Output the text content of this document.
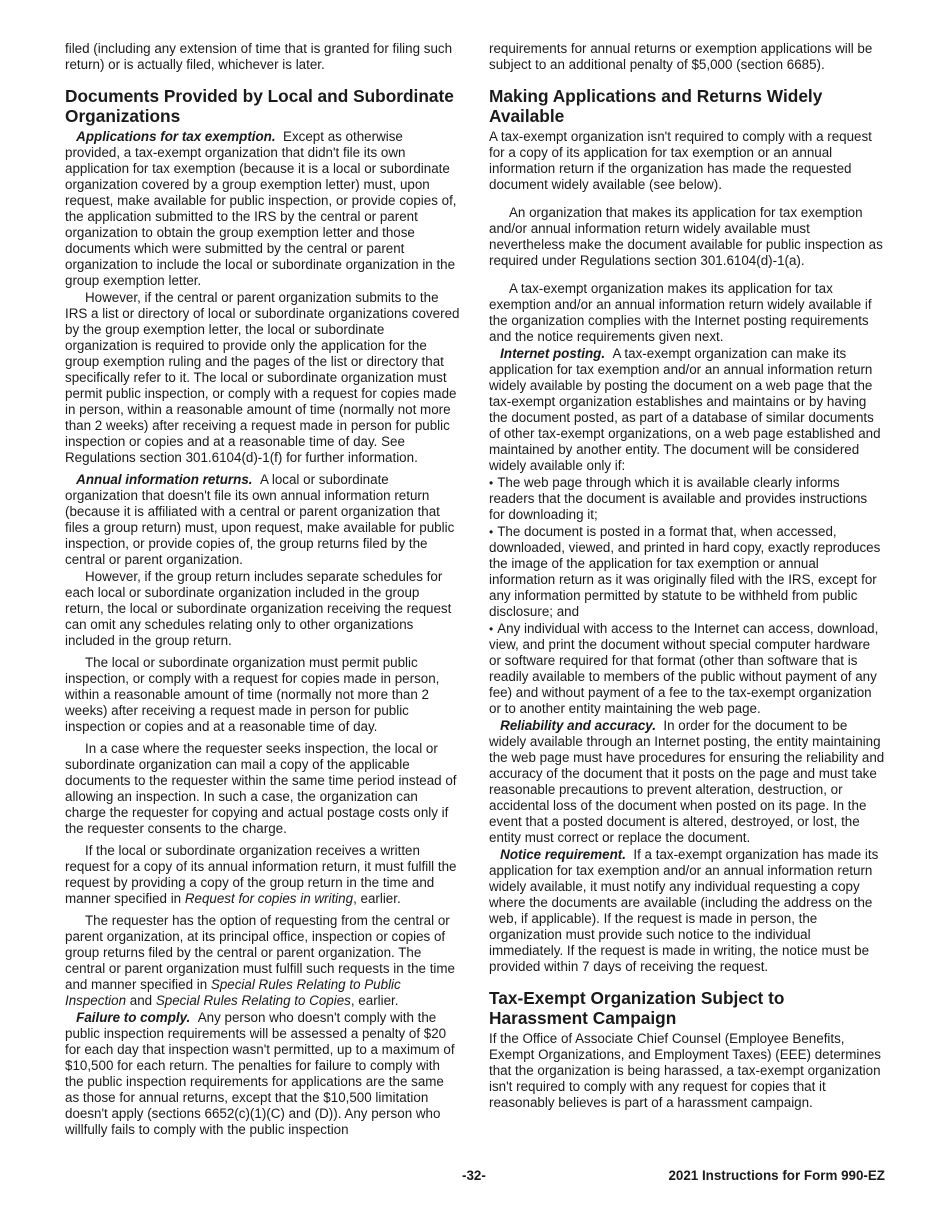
filed (including any extension of time that is granted for filing such return) or is actually filed, whichever is later.

Documents Provided by Local and Subordinate Organizations

Applications for tax exemption. Except as otherwise provided, a tax-exempt organization that didn't file its own application for tax exemption (because it is a local or subordinate organization covered by a group exemption letter) must, upon request, make available for public inspection, or provide copies of, the application submitted to the IRS by the central or parent organization to obtain the group exemption letter and those documents which were submitted by the central or parent organization to include the local or subordinate organization in the group exemption letter.

However, if the central or parent organization submits to the IRS a list or directory of local or subordinate organizations covered by the group exemption letter, the local or subordinate organization is required to provide only the application for the group exemption ruling and the pages of the list or directory that specifically refer to it. The local or subordinate organization must permit public inspection, or comply with a request for copies made in person, within a reasonable amount of time (normally not more than 2 weeks) after receiving a request made in person for public inspection or copies and at a reasonable time of day. See Regulations section 301.6104(d)-1(f) for further information.

Annual information returns. A local or subordinate organization that doesn't file its own annual information return (because it is affiliated with a central or parent organization that files a group return) must, upon request, make available for public inspection, or provide copies of, the group returns filed by the central or parent organization.

However, if the group return includes separate schedules for each local or subordinate organization included in the group return, the local or subordinate organization receiving the request can omit any schedules relating only to other organizations included in the group return.

The local or subordinate organization must permit public inspection, or comply with a request for copies made in person, within a reasonable amount of time (normally not more than 2 weeks) after receiving a request made in person for public inspection or copies and at a reasonable time of day.

In a case where the requester seeks inspection, the local or subordinate organization can mail a copy of the applicable documents to the requester within the same time period instead of allowing an inspection. In such a case, the organization can charge the requester for copying and actual postage costs only if the requester consents to the charge.

If the local or subordinate organization receives a written request for a copy of its annual information return, it must fulfill the request by providing a copy of the group return in the time and manner specified in Request for copies in writing, earlier.

The requester has the option of requesting from the central or parent organization, at its principal office, inspection or copies of group returns filed by the central or parent organization. The central or parent organization must fulfill such requests in the time and manner specified in Special Rules Relating to Public Inspection and Special Rules Relating to Copies, earlier.

Failure to comply. Any person who doesn't comply with the public inspection requirements will be assessed a penalty of $20 for each day that inspection wasn't permitted, up to a maximum of $10,500 for each return. The penalties for failure to comply with the public inspection requirements for applications are the same as those for annual returns, except that the $10,500 limitation doesn't apply (sections 6652(c)(1)(C) and (D)). Any person who willfully fails to comply with the public inspection

requirements for annual returns or exemption applications will be subject to an additional penalty of $5,000 (section 6685).

Making Applications and Returns Widely Available

A tax-exempt organization isn't required to comply with a request for a copy of its application for tax exemption or an annual information return if the organization has made the requested document widely available (see below).

An organization that makes its application for tax exemption and/or annual information return widely available must nevertheless make the document available for public inspection as required under Regulations section 301.6104(d)-1(a).

A tax-exempt organization makes its application for tax exemption and/or an annual information return widely available if the organization complies with the Internet posting requirements and the notice requirements given next.

Internet posting. A tax-exempt organization can make its application for tax exemption and/or an annual information return widely available by posting the document on a web page that the tax-exempt organization establishes and maintains or by having the document posted, as part of a database of similar documents of other tax-exempt organizations, on a web page established and maintained by another entity. The document will be considered widely available only if:

• The web page through which it is available clearly informs readers that the document is available and provides instructions for downloading it;

• The document is posted in a format that, when accessed, downloaded, viewed, and printed in hard copy, exactly reproduces the image of the application for tax exemption or annual information return as it was originally filed with the IRS, except for any information permitted by statute to be withheld from public disclosure; and

• Any individual with access to the Internet can access, download, view, and print the document without special computer hardware or software required for that format (other than software that is readily available to members of the public without payment of any fee) and without payment of a fee to the tax-exempt organization or to another entity maintaining the web page.

Reliability and accuracy. In order for the document to be widely available through an Internet posting, the entity maintaining the web page must have procedures for ensuring the reliability and accuracy of the document that it posts on the page and must take reasonable precautions to prevent alteration, destruction, or accidental loss of the document when posted on its page. In the event that a posted document is altered, destroyed, or lost, the entity must correct or replace the document.

Notice requirement. If a tax-exempt organization has made its application for tax exemption and/or an annual information return widely available, it must notify any individual requesting a copy where the documents are available (including the address on the web, if applicable). If the request is made in person, the organization must provide such notice to the individual immediately. If the request is made in writing, the notice must be provided within 7 days of receiving the request.

Tax-Exempt Organization Subject to Harassment Campaign

If the Office of Associate Chief Counsel (Employee Benefits, Exempt Organizations, and Employment Taxes) (EEE) determines that the organization is being harassed, a tax-exempt organization isn't required to comply with any request for copies that it reasonably believes is part of a harassment campaign.

-32-	2021 Instructions for Form 990-EZ
